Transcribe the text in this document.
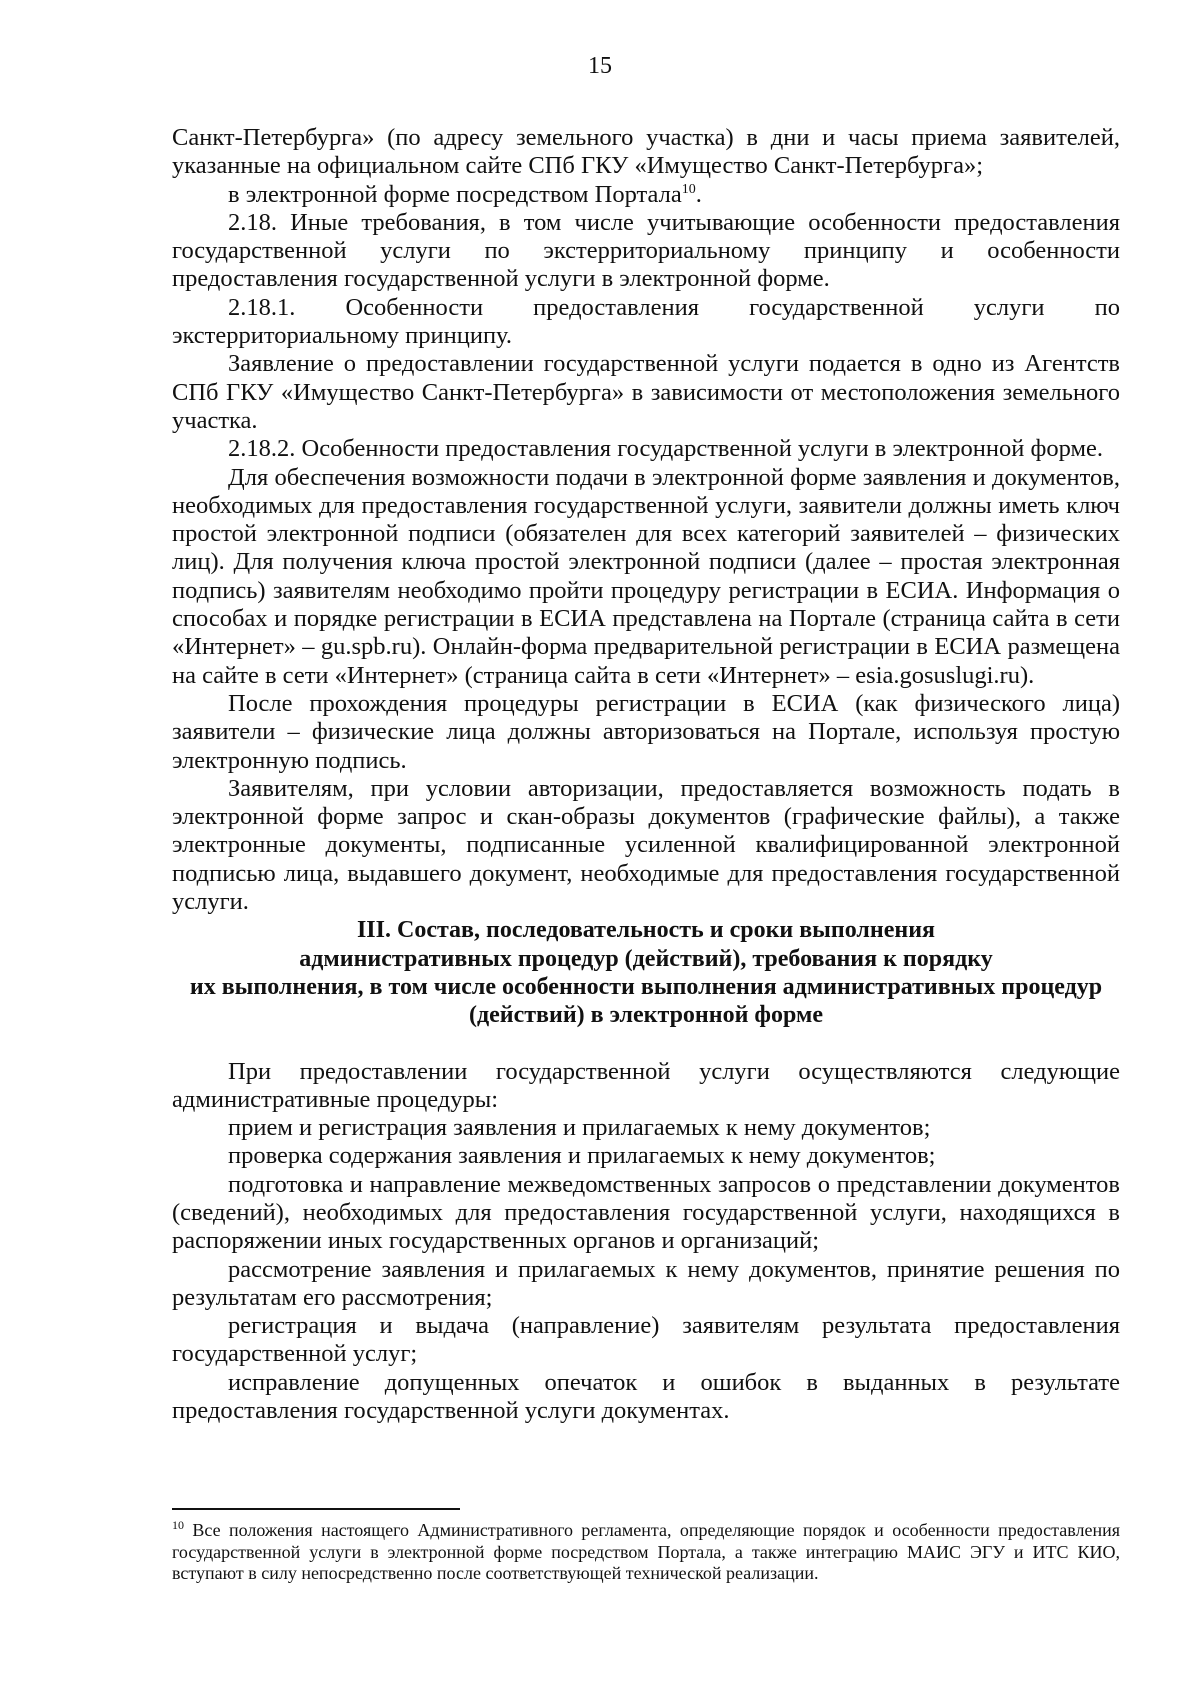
15

Санкт-Петербурга» (по адресу земельного участка) в дни и часы приема заявителей, указанные на официальном сайте СПб ГКУ «Имущество Санкт-Петербурга»;

в электронной форме посредством Портала$^{10}$.

2.18. Иные требования, в том числе учитывающие особенности предоставления государственной услуги по экстерриториальному принципу и особенности предоставления государственной услуги в электронной форме.

2.18.1. Особенности предоставления государственной услуги по экстерриториальному принципу.

Заявление о предоставлении государственной услуги подается в одно из Агентств СПб ГКУ «Имущество Санкт-Петербурга» в зависимости от местоположения земельного участка.

2.18.2. Особенности предоставления государственной услуги в электронной форме.

Для обеспечения возможности подачи в электронной форме заявления и документов, необходимых для предоставления государственной услуги, заявители должны иметь ключ простой электронной подписи (обязателен для всех категорий заявителей – физических лиц). Для получения ключа простой электронной подписи (далее – простая электронная подпись) заявителям необходимо пройти процедуру регистрации в ЕСИА. Информация о способах и порядке регистрации в ЕСИА представлена на Портале (страница сайта в сети «Интернет» – gu.spb.ru). Онлайн-форма предварительной регистрации в ЕСИА размещена на сайте в сети «Интернет» (страница сайта в сети «Интернет» – esia.gosuslugi.ru).

После прохождения процедуры регистрации в ЕСИА (как физического лица) заявители – физические лица должны авторизоваться на Портале, используя простую электронную подпись.

Заявителям, при условии авторизации, предоставляется возможность подать в электронной форме запрос и скан-образы документов (графические файлы), а также электронные документы, подписанные усиленной квалифицированной электронной подписью лица, выдавшего документ, необходимые для предоставления государственной услуги.

III. Состав, последовательность и сроки выполнения

административных процедур (действий), требования к порядку

их выполнения, в том числе особенности выполнения административных процедур

(действий) в электронной форме

При предоставлении государственной услуги осуществляются следующие административные процедуры:

прием и регистрация заявления и прилагаемых к нему документов;

проверка содержания заявления и прилагаемых к нему документов;

подготовка и направление межведомственных запросов о представлении документов (сведений), необходимых для предоставления государственной услуги, находящихся в распоряжении иных государственных органов и организаций;

рассмотрение заявления и прилагаемых к нему документов, принятие решения по результатам его рассмотрения;

регистрация и выдача (направление) заявителям результата предоставления государственной услуг;

исправление допущенных опечаток и ошибок в выданных в результате предоставления государственной услуги документах.

$^{10}$ Все положения настоящего Административного регламента, определяющие порядок и особенности предоставления государственной услуги в электронной форме посредством Портала, а также интеграцию МАИС ЭГУ и ИТС КИО, вступают в силу непосредственно после соответствующей технической реализации.
